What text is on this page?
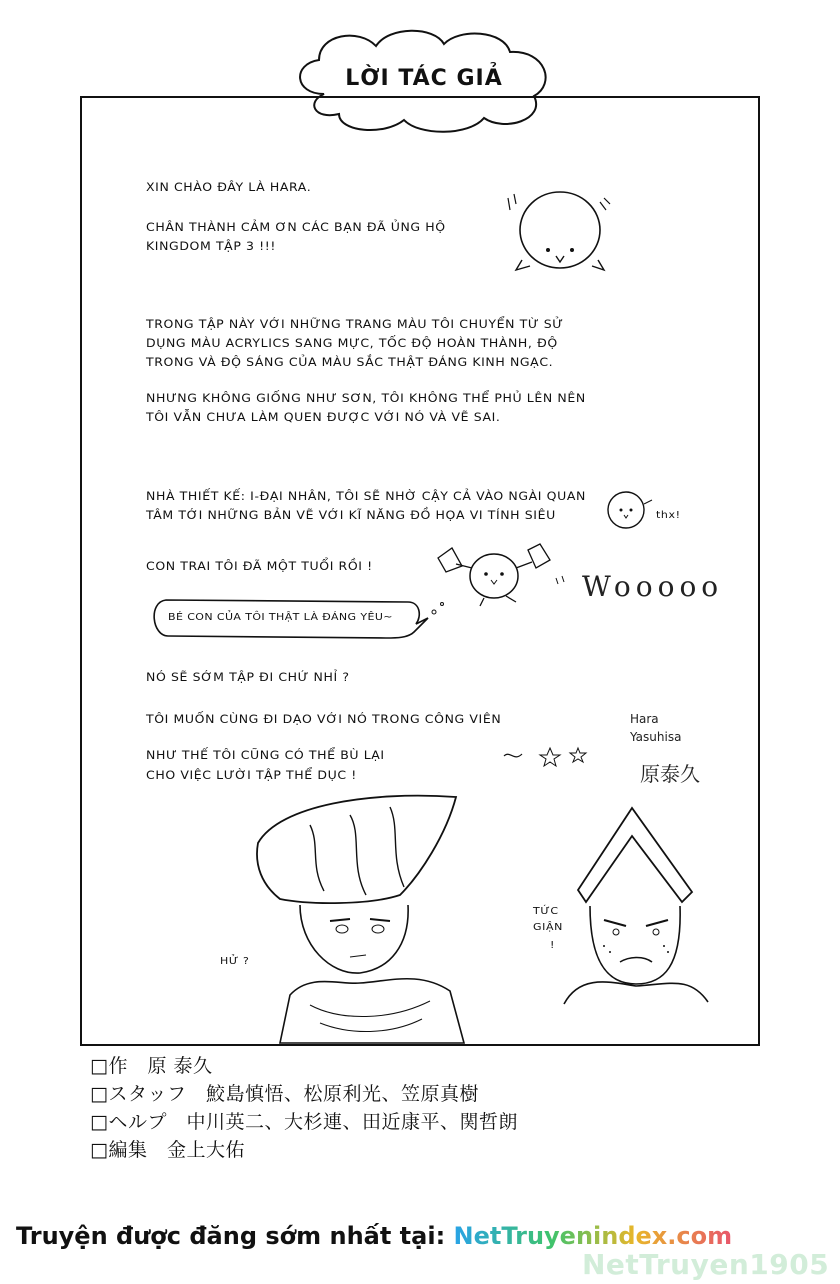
LỜI TÁC GIẢ
XIN CHÀO ĐÂY LÀ HARA.
CHÂN THÀNH CẢM ƠN CÁC BẠN ĐÃ ỦNG HỘ
KINGDOM TẬP 3 !!!
TRONG TẬP NÀY VỚI NHỮNG TRANG MÀU TÔI CHUYỂN TỪ SỬ
DỤNG MÀU ACRYLICS SANG MỰC, TỐC ĐỘ HOÀN THÀNH, ĐỘ
TRONG VÀ ĐỘ SÁNG CỦA MÀU SẮC THẬT ĐÁNG KINH NGẠC.
NHƯNG KHÔNG GIỐNG NHƯ SƠN, TÔI KHÔNG THỂ PHỦ LÊN NÊN
TÔI VẪN CHƯA LÀM QUEN ĐƯỢC VỚI NÓ VÀ VẼ SAI.
NHÀ THIẾT KẾ: I-ĐẠI NHÂN, TÔI SẼ NHỜ CẬY CẢ VÀO NGÀI QUAN
TÂM TỚI NHỮNG BẢN VẼ VỚI KĨ NĂNG ĐỒ HỌA VI TÍNH SIÊU
CON TRAI TÔI ĐÃ MỘT TUỔI RỒI !
BÉ CON CỦA TÔI THẬT LÀ ĐÁNG YÊU~
NÓ SẼ SỚM TẬP ĐI CHỨ NHỈ ?
TÔI MUỐN CÙNG ĐI DẠO VỚI NÓ TRONG CÔNG VIÊN
NHƯ THẾ TÔI CŨNG CÓ THỂ BÙ LẠI
CHO VIỆC LƯỜI TẬP THỂ DỤC !
thx!
Wooooo
Hara
Yasuhisa
原泰久
HỬ ?
TỨC
GIẬN
!
□作　原 泰久
□スタッフ　鮫島慎悟、松原利光、笠原真樹
□ヘルプ　中川英二、大杉連、田近康平、関哲朗
□編集　金上大佑
Truyện được đăng sớm nhất tại: NetTruyenindex.com
NetTruyen1905
